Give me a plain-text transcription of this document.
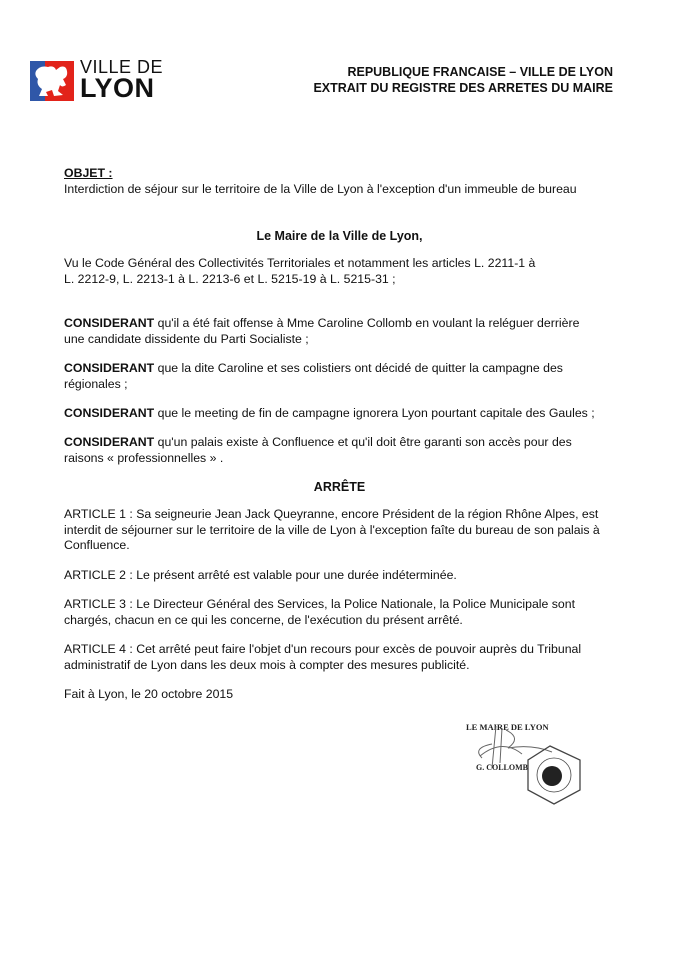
VILLE DE
LYON
REPUBLIQUE FRANCAISE – VILLE DE LYON
EXTRAIT DU REGISTRE DES ARRETES DU MAIRE
OBJET :
Interdiction de séjour sur le territoire de la Ville de Lyon à l'exception d'un immeuble de bureau
Le Maire de la Ville de Lyon,
Vu le Code Général des Collectivités Territoriales et notamment les articles L. 2211-1 à
L. 2212-9, L. 2213-1 à L. 2213-6 et L. 5215-19 à L. 5215-31 ;
CONSIDERANT qu'il a été fait offense à Mme Caroline Collomb en voulant la reléguer derrière
une candidate dissidente du Parti Socialiste ;
CONSIDERANT que la dite Caroline et ses colistiers ont décidé de quitter la campagne des
régionales ;
CONSIDERANT que le meeting de fin de campagne ignorera Lyon pourtant capitale des Gaules ;
CONSIDERANT qu'un palais existe à Confluence et qu'il doit être garanti son accès pour des
raisons « professionnelles » .
ARRÊTE
ARTICLE 1 : Sa seigneurie Jean Jack Queyranne, encore Président de la région Rhône Alpes, est
interdit de séjourner sur le territoire de la ville de Lyon à l'exception faîte du bureau de son palais à
Confluence.
ARTICLE 2 : Le présent arrêté est valable pour une durée indéterminée.
ARTICLE 3 : Le Directeur Général des Services, la Police Nationale, la Police Municipale sont
chargés, chacun en ce qui les concerne, de l'exécution du présent arrêté.
ARTICLE 4 : Cet arrêté peut faire l'objet d'un recours pour excès de pouvoir auprès du Tribunal
administratif de Lyon dans les deux mois à compter des mesures publicité.
Fait à Lyon, le 20 octobre 2015
LE MAIRE DE LYON
G. COLLOMB
